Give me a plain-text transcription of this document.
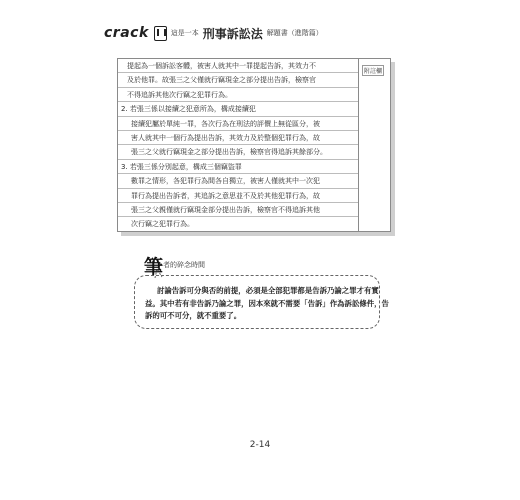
crack	這是一本 刑事訴訟法 解題書（進階篇）
提起為一個訴訟客體，被害人就其中一罪提起告訴，其效力不
及於他罪。故張三之父僅就行竊現金之部分提出告訴，檢察官
不得追訴其他次行竊之犯罪行為。
2. 若張三係以接續之犯意所為，構成接續犯
接續犯屬於單純一罪，各次行為在刑法的評價上無從區分，被
害人就其中一個行為提出告訴，其效力及於整個犯罪行為，故
張三之父就行竊現金之部分提出告訴，檢察官得追訴其餘部分。
3. 若張三係分別起意，構成三個竊盜罪
數罪之情形，各犯罪行為間各自獨立，被害人僅就其中一次犯
罪行為提出告訴者，其追訴之意思並不及於其他犯罪行為，故
張三之父親僅就行竊現金部分提出告訴，檢察官不得追訴其他
次行竊之犯罪行為。
附註欄
筆 者的碎念時間
討論告訴可分與否的前提，必須是全部犯罪都是告訴乃論之罪才有實
益。其中若有非告訴乃論之罪，因本來就不需要「告訴」作為訴訟條件，告
訴的可不可分，就不重要了。
2-14
